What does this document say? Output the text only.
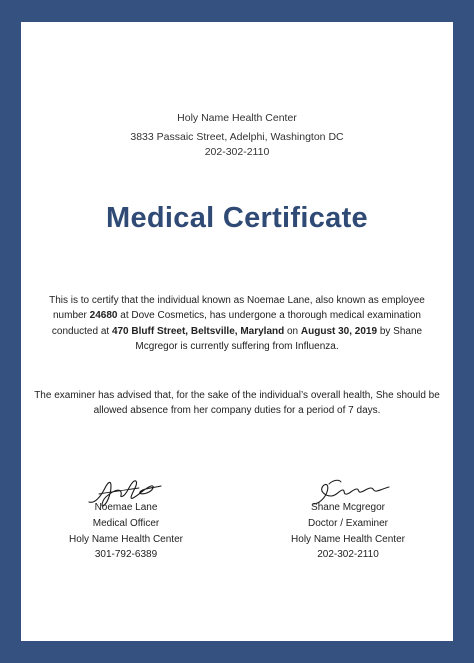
Holy Name Health Center
3833 Passaic Street, Adelphi, Washington DC
202-302-2110
Medical Certificate
This is to certify that the individual known as Noemae Lane, also known as employee number 24680 at Dove Cosmetics, has undergone a thorough medical examination conducted at 470 Bluff Street, Beltsville, Maryland on August 30, 2019 by Shane Mcgregor is currently suffering from Influenza.
The examiner has advised that, for the sake of the individual’s overall health, She should be allowed absence from her company duties for a period of 7 days.
Noemae Lane
Medical Officer
Holy Name Health Center
301-792-6389
Shane Mcgregor
Doctor / Examiner
Holy Name Health Center
202-302-2110
